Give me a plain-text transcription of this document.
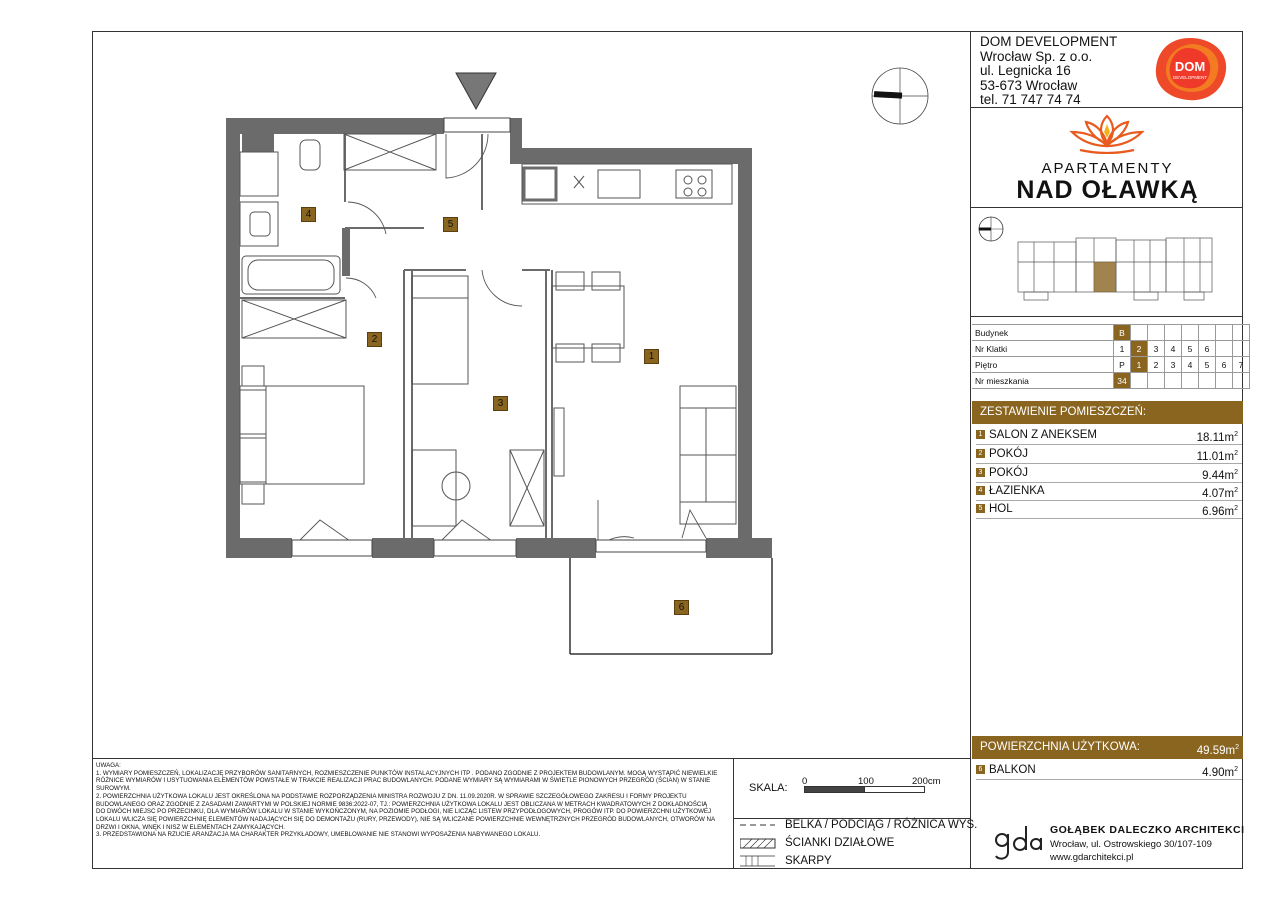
DOM DEVELOPMENT
Wrocław Sp. z o.o.
ul. Legnicka 16
53-673 Wrocław
tel. 71 747 74 74
DOM
DEVELOPMENT
APARTAMENTY
NAD OŁAWKĄ
Budynek	B							
Nr Klatki	1	2	3	4	5	6		
Piętro	P	1	2	3	4	5	6	7
Nr mieszkania	34							
ZESTAWIENIE POMIESZCZEŃ:
1 SALON Z ANEKSEM	$18.11m^2$
2 POKÓJ	$11.01m^2$
3 POKÓJ	$9.44m^2$
4 ŁAZIENKA	$4.07m^2$
5 HOL	$6.96m^2$
POWIERZCHNIA UŻYTKOWA:	$49.59m^2$
6 BALKON	$4.90m^2$
GOŁĄBEK DALECZKO ARCHITEKCI
Wrocław, ul. Ostrowskiego 30/107-109
www.gdarchitekci.pl
UWAGA:
1. WYMIARY POMIESZCZEŃ, LOKALIZACJĘ PRZYBORÓW SANITARNYCH, ROZMIESZCZENIE PUNKTÓW INSTALACYJNYCH ITP . PODANO ZGODNIE Z PROJEKTEM BUDOWLANYM. MOGĄ WYSTĄPIĆ NIEWIELKIE RÓŻNICE WYMIARÓW I USYTUOWANIA ELEMENTÓW POWSTAŁE W TRAKCIE REALIZACJI PRAC BUDOWLANYCH. PODANE WYMIARY SĄ WYMIARAMI W ŚWIETLE PIONOWYCH PRZEGRÓD (ŚCIAN) W STANIE SUROWYM.
2. POWIERZCHNIA UŻYTKOWA LOKALU JEST OKREŚLONA NA PODSTAWIE ROZPORZĄDZENIA MINISTRA ROZWOJU Z DN. 11.09.2020R. W SPRAWIE SZCZEGÓŁOWEGO ZAKRESU I FORMY PROJEKTU BUDOWLANEGO ORAZ ZGODNIE Z ZASADAMI ZAWARTYMI W POLSKIEJ NORMIE 9836:2022-07, TJ.: POWIERZCHNIA UŻYTKOWA LOKALU JEST OBLICZANA W METRACH KWADRATOWYCH Z DOKŁADNOŚCIĄ DO DWÓCH MIEJSC PO PRZECINKU, DLA WYMIARÓW LOKALU W STANIE WYKOŃCZONYM, NA POZIOMIE PODŁOGI, NIE LICZĄC LISTEW PRZYPODŁOGOWYCH, PROGÓW ITP. DO POWIERZCHNI UŻYTKOWEJ LOKALU WLICZA SIĘ POWIERZCHNIĘ ELEMENTÓW NADAJĄCYCH SIĘ DO DEMONTAŻU (RURY, PRZEWODY), NIE SĄ WLICZANE POWIERZCHNIE WEWNĘTRZNYCH PRZEGRÓD BUDOWLANYCH, OTWORÓW NA DRZWI I OKNA, WNĘK I NISZ W ELEMENTACH ZAMYKAJĄCYCH.
3. PRZEDSTAWIONA NA RZUCIE ARANŻACJA MA CHARAKTER PRZYKŁADOWY, UMEBLOWANIE NIE STANOWI WYPOSAŻENIA NABYWANEGO LOKALU.
SKALA:
0	100	200cm
BELKA / PODCIĄG / RÓŻNICA WYS.
ŚCIANKI DZIAŁOWE
SKARPY
1
2
3
4
5
6
